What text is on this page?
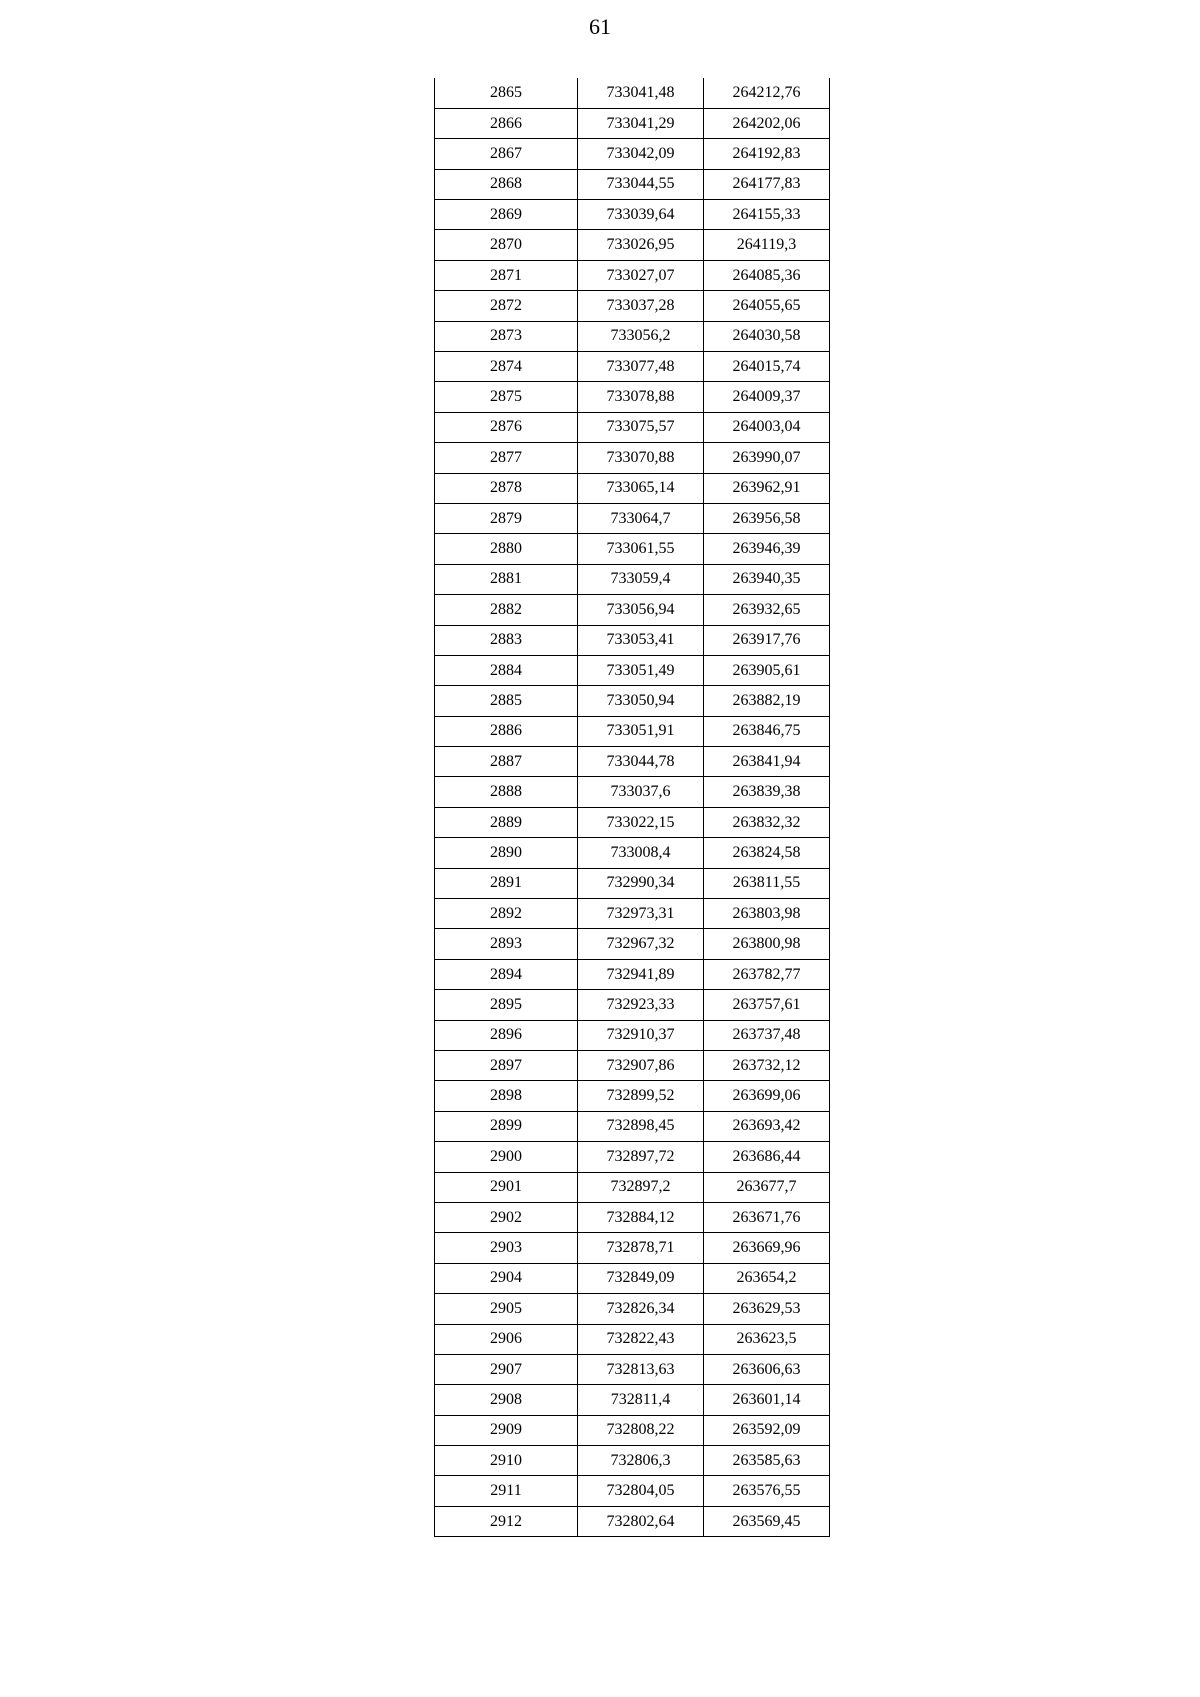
61
2865	733041,48	264212,76
2866	733041,29	264202,06
2867	733042,09	264192,83
2868	733044,55	264177,83
2869	733039,64	264155,33
2870	733026,95	264119,3
2871	733027,07	264085,36
2872	733037,28	264055,65
2873	733056,2	264030,58
2874	733077,48	264015,74
2875	733078,88	264009,37
2876	733075,57	264003,04
2877	733070,88	263990,07
2878	733065,14	263962,91
2879	733064,7	263956,58
2880	733061,55	263946,39
2881	733059,4	263940,35
2882	733056,94	263932,65
2883	733053,41	263917,76
2884	733051,49	263905,61
2885	733050,94	263882,19
2886	733051,91	263846,75
2887	733044,78	263841,94
2888	733037,6	263839,38
2889	733022,15	263832,32
2890	733008,4	263824,58
2891	732990,34	263811,55
2892	732973,31	263803,98
2893	732967,32	263800,98
2894	732941,89	263782,77
2895	732923,33	263757,61
2896	732910,37	263737,48
2897	732907,86	263732,12
2898	732899,52	263699,06
2899	732898,45	263693,42
2900	732897,72	263686,44
2901	732897,2	263677,7
2902	732884,12	263671,76
2903	732878,71	263669,96
2904	732849,09	263654,2
2905	732826,34	263629,53
2906	732822,43	263623,5
2907	732813,63	263606,63
2908	732811,4	263601,14
2909	732808,22	263592,09
2910	732806,3	263585,63
2911	732804,05	263576,55
2912	732802,64	263569,45
